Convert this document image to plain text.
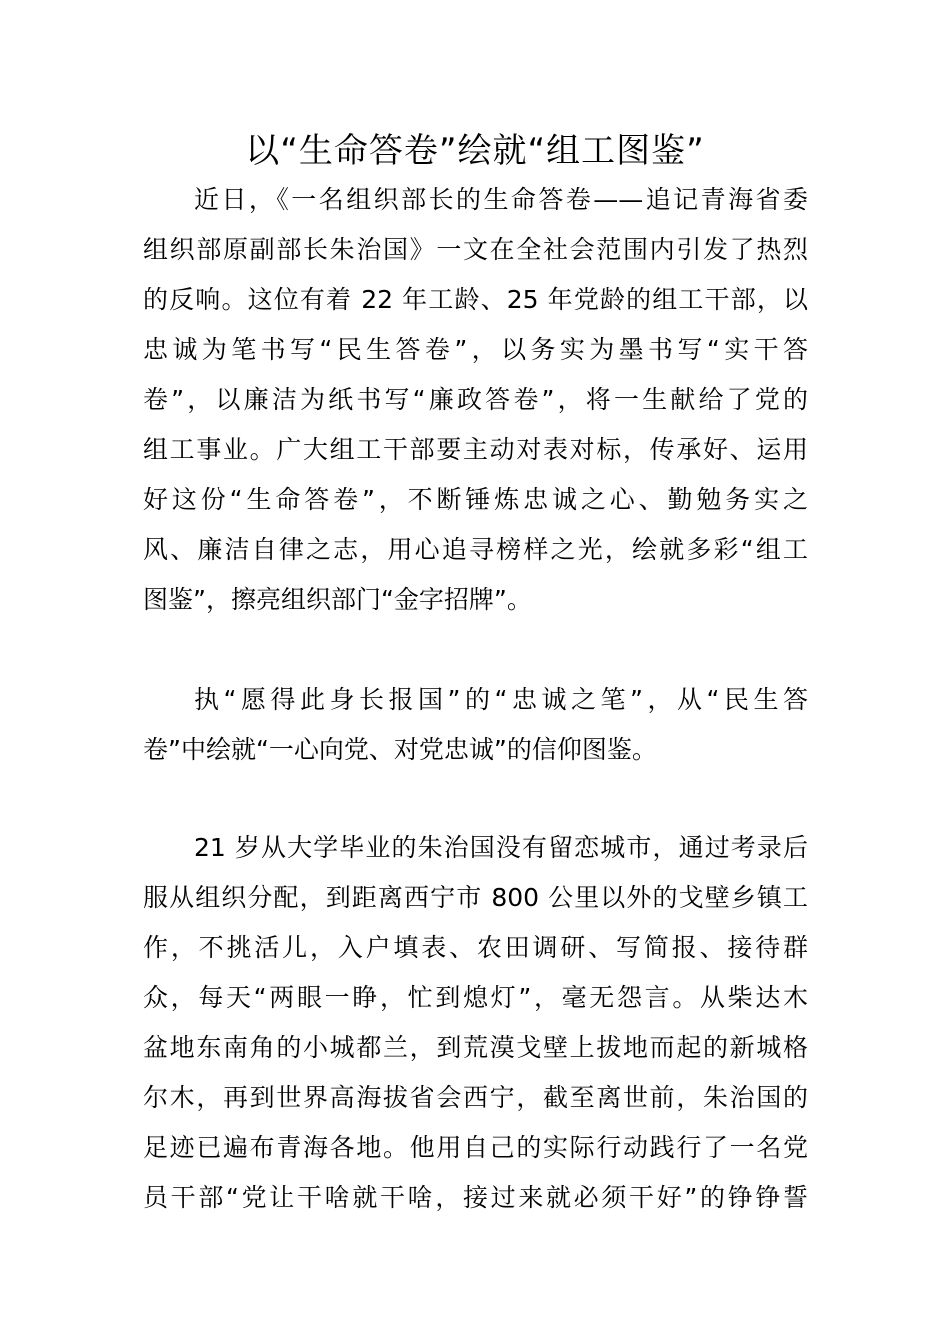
以“生命答卷”绘就“组工图鉴”
近日，《一名组织部长的生命答卷——追记青海省委
组织部原副部长朱治国》一文在全社会范围内引发了热烈
的反响。这位有着 22 年工龄、25 年党龄的组工干部，以
忠诚为笔书写“民生答卷”，以务实为墨书写“实干答
卷”，以廉洁为纸书写“廉政答卷”，将一生献给了党的
组工事业。广大组工干部要主动对表对标，传承好、运用
好这份“生命答卷”，不断锤炼忠诚之心、勤勉务实之
风、廉洁自律之志，用心追寻榜样之光，绘就多彩“组工
图鉴”，擦亮组织部门“金字招牌”。
执“愿得此身长报国”的“忠诚之笔”，从“民生答
卷”中绘就“一心向党、对党忠诚”的信仰图鉴。
21 岁从大学毕业的朱治国没有留恋城市，通过考录后
服从组织分配，到距离西宁市 800 公里以外的戈壁乡镇工
作，不挑活儿，入户填表、农田调研、写简报、接待群
众，每天“两眼一睁，忙到熄灯”，毫无怨言。从柴达木
盆地东南角的小城都兰，到荒漠戈壁上拔地而起的新城格
尔木，再到世界高海拔省会西宁，截至离世前，朱治国的
足迹已遍布青海各地。他用自己的实际行动践行了一名党
员干部“党让干啥就干啥，接过来就必须干好”的铮铮誓
